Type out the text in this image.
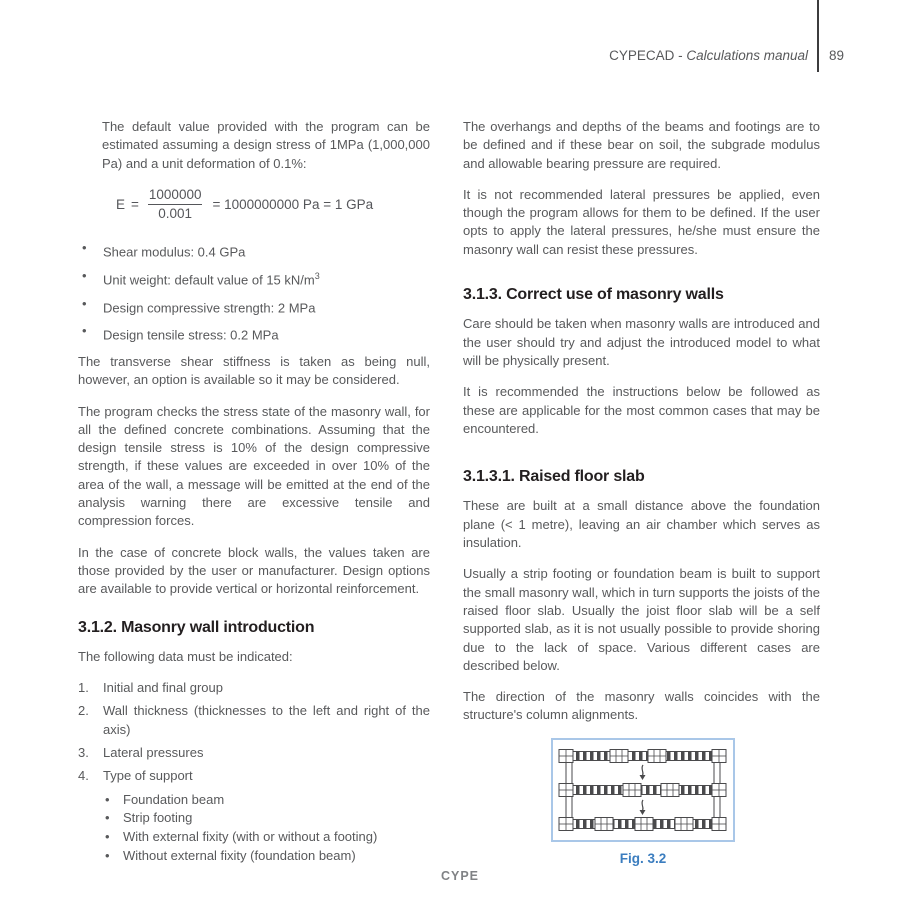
CYPECAD - Calculations manual 89

The default value provided with the program can be estimated assuming a design stress of 1MPa (1,000,000 Pa) and a unit deformation of 0.1%:

$E = \frac{1000000}{0.001} = 1000000000$ Pa = 1 GPa
• Shear modulus: 0.4 GPa
• Unit weight: default value of 15 $kN/m^3$
• Design compressive strength: 2 MPa
• Design tensile stress: 0.2 MPa

The transverse shear stiffness is taken as being null, however, an option is available so it may be considered.

The program checks the stress state of the masonry wall, for all the defined concrete combinations. Assuming that the design tensile stress is 10% of the design compressive strength, if these values are exceeded in over 10% of the area of the wall, a message will be emitted at the end of the analysis warning there are excessive tensile and compression forces.

In the case of concrete block walls, the values taken are those provided by the user or manufacturer. Design options are available to provide vertical or horizontal reinforcement.

3.1.2. Masonry wall introduction

The following data must be indicated:

1.	Initial and final group
2.	Wall thickness (thicknesses to the left and right of the axis)
3.	Lateral pressures
4.	Type of support
• Foundation beam
• Strip footing
• With external fixity (with or without a footing)
• Without external fixity (foundation beam)

The overhangs and depths of the beams and footings are to be defined and if these bear on soil, the subgrade modulus and allowable bearing pressure are required.

It is not recommended lateral pressures be applied, even though the program allows for them to be defined. If the user opts to apply the lateral pressures, he/she must ensure the masonry wall can resist these pressures.

3.1.3. Correct use of masonry walls

Care should be taken when masonry walls are introduced and the user should try and adjust the introduced model to what will be physically present.

It is recommended the instructions below be followed as these are applicable for the most common cases that may be encountered.

3.1.3.1. Raised floor slab

These are built at a small distance above the foundation plane (< 1 metre), leaving an air chamber which serves as insulation.

Usually a strip footing or foundation beam is built to support the small masonry wall, which in turn supports the joists of the raised floor slab. Usually the joist floor slab will be a self supported slab, as it is not usually possible to provide shoring due to the lack of space. Various different cases are described below.

The direction of the masonry walls coincides with the structure's column alignments.

Fig. 3.2
CYPE
